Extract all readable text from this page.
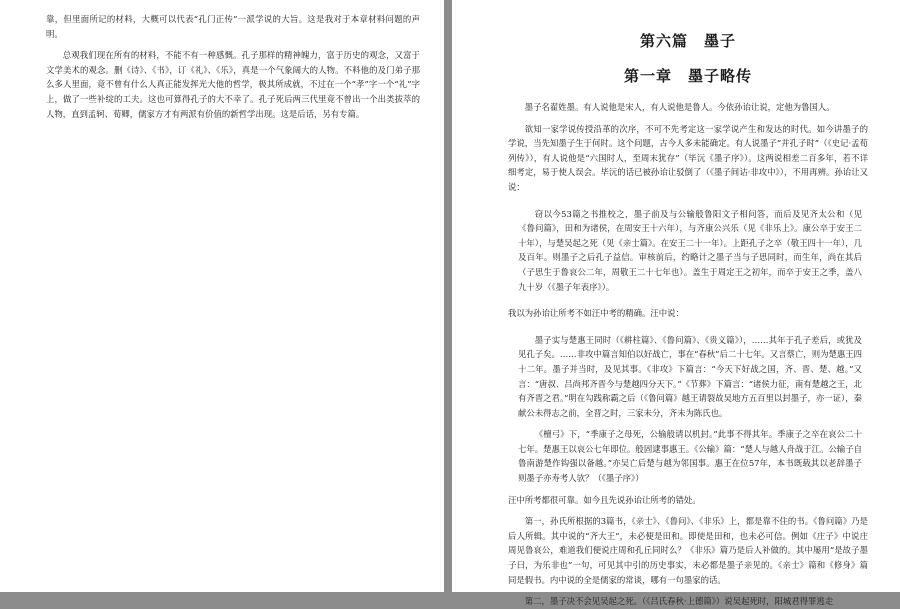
靠，但里面所记的材料，大概可以代表“孔门正传”一派学说的大旨。这是我对于本章材料问题的声明。

总观我们现在所有的材料，不能不有一种感慨。孔子那样的精神魄力，富于历史的观念，又富于文学美术的观念。删《诗》、《书》，订《礼》、《乐》，真是一个气象阔大的人物。不料他的及门弟子那么多人里面，竟不曾有什么人真正能发挥光大他的哲学，极其所成就，不过在一个“孝”字一个“礼”字上，做了一些补绽的工夫。这也可算得孔子的大不幸了。孔子死后两三代里竟不曾出一个出类拔萃的人物，直到孟轲、荀卿，儒家方才有两派有价值的新哲学出现。这是后话，另有专篇。

第六篇　墨子
第一章　墨子略传

墨子名翟姓墨。有人说他是宋人，有人说他是鲁人。今依孙诒让说，定他为鲁国人。

欲知一家学说传授沿革的次序，不可不先考定这一家学说产生和发达的时代。如今讲墨子的学说，当先知墨子生于何时。这个问题，古今人多未能确定。有人说墨子“并孔子时”（《史记·孟荀列传》），有人说他是“六国时人，至周末犹存”（毕沅《墨子序》）。这两说相差二百多年，若不详细考定，易于使人误会。毕沅的话已被孙诒让驳倒了（《墨子间诂·非攻中》），不用再辨。孙诒让又说：

窃以今53篇之书推校之，墨子前及与公输般鲁阳文子相问答，而后及见齐太公和（见《鲁问篇》，田和为诸侯，在周安王十六年），与齐康公兴乐（见《非乐上》。康公卒于安王二十年），与楚吴起之死（见《亲士篇》。在安王二十一年）。上距孔子之卒（敬王四十一年），几及百年。则墨子之后孔子益信。审核前后，约略计之墨子当与子思同时，而生年，尚在其后（子思生于鲁哀公二年，周敬王二十七年也）。盖生于周定王之初年，而卒于安王之季，盖八九十岁（《墨子年表序》）。

我以为孙诒让所考不如汪中考的精确。汪中说：

墨子实与楚惠王同时（《耕柱篇》、《鲁问篇》、《贵义篇》），……其年于孔子差后，或犹及见孔子矣。……非攻中篇言知伯以好战亡，事在“春秋”后二十七年。又言蔡亡，则为楚惠王四十二年。墨子并当时，及见其事。《非攻》下篇言：“今天下好战之国，齐、晋、楚、越。”又言：“唐叔、吕尚邦齐晋今与楚越四分天下。”《节葬》下篇言：“诸侯力征，南有楚越之王，北有齐晋之君。”明在勾践称霸之后（《鲁问篇》越王请裂故吴地方五百里以封墨子，亦一证），秦献公未得志之前，全晋之时，三家未分，齐未为陈氏也。

《檀弓》下，“季康子之母死，公输般请以机封。”此事不得其年。季康子之卒在哀公二十七年。楚惠王以哀公七年即位。般固逮事惠王。《公输》篇：“楚人与越人舟战于江。公输子自鲁南游楚作钩强以备越。”亦吴亡后楚与越为邻国事。惠王在位57年，本书既载其以老辞墨子则墨子亦寿考人欤？（《墨子序》）

汪中所考都很可靠。如今且先说孙诒让所考的错处。

第一，孙氏所根据的3篇书，《亲士》、《鲁问》、《非乐》上，都是靠不住的书。《鲁问篇》乃是后人所辑。其中说的“齐大王”，未必便是田和。即使是田和，也未必可信。例如《庄子》中说庄周见鲁哀公，难道我们便说庄周和孔丘同时么？《非乐》篇乃是后人补做的。其中屡用“是故子墨子曰，为乐非也”一句，可见其中引的历史事实，未必都是墨子亲见的。《亲士》篇和《修身》篇同是假书。内中说的全是儒家的常谈，哪有一句墨家的话。

第二，墨子决不会见吴起之死。（《吕氏春秋·上德篇》）说吴起死时，阳城君得罪逃走
